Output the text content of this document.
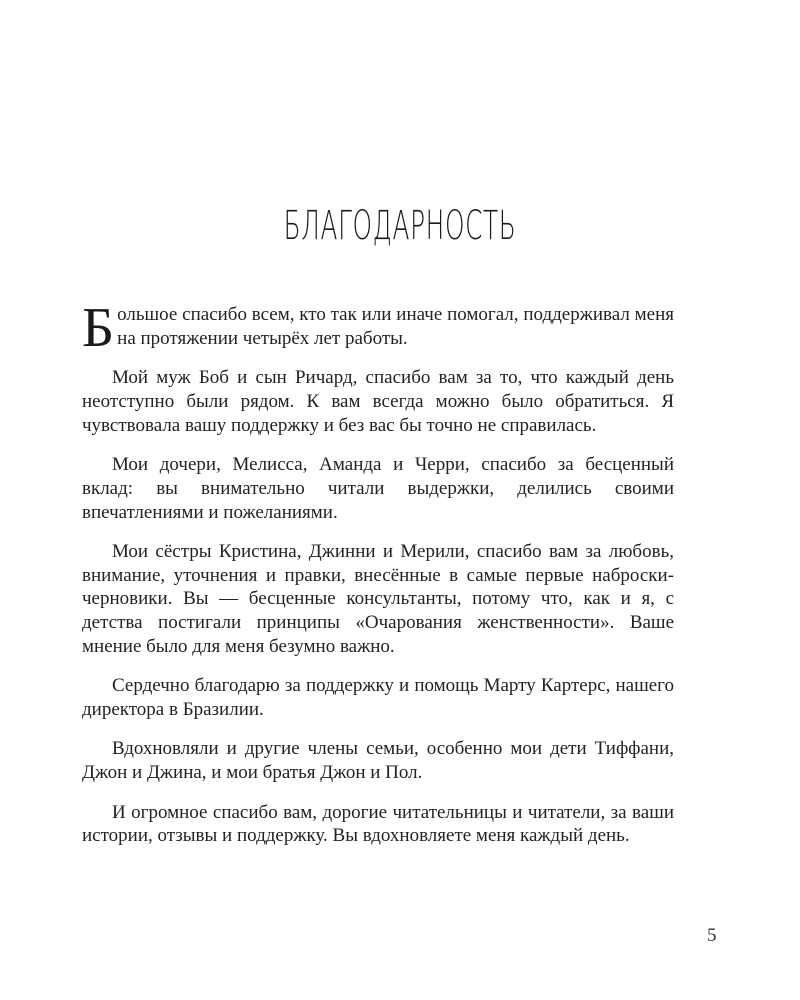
БЛАГОДАРНОСТЬ

Большое спасибо всем, кто так или иначе помогал, поддерживал меня на протяжении четырёх лет работы.

Мой муж Боб и сын Ричард, спасибо вам за то, что каждый день неотступно были рядом. К вам всегда можно было обратиться. Я чувствовала вашу поддержку и без вас бы точно не справилась.

Мои дочери, Мелисса, Аманда и Черри, спасибо за бесценный вклад: вы внимательно читали выдержки, делились своими впечатлениями и пожеланиями.

Мои сёстры Кристина, Джинни и Мерили, спасибо вам за любовь, внимание, уточнения и правки, внесённые в самые первые наброски-черновики. Вы — бесценные консультанты, потому что, как и я, с детства постигали принципы «Очарования женственности». Ваше мнение было для меня безумно важно.

Сердечно благодарю за поддержку и помощь Марту Картерс, нашего директора в Бразилии.

Вдохновляли и другие члены семьи, особенно мои дети Тиффани, Джон и Джина, и мои братья Джон и Пол.

И огромное спасибо вам, дорогие читательницы и читатели, за ваши истории, отзывы и поддержку. Вы вдохновляете меня каждый день.

5
